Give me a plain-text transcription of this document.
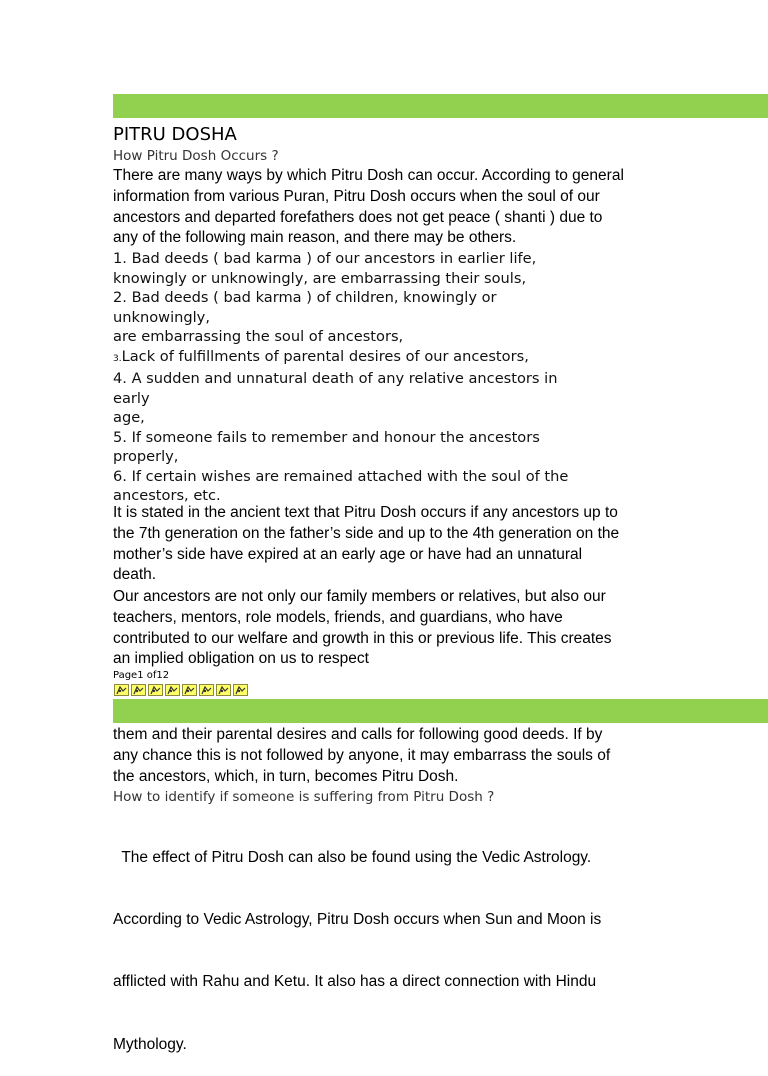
PITRU DOSHA
How Pitru Dosh Occurs ?
There are many ways by which Pitru Dosh can occur. According to general
information from various Puran, Pitru Dosh occurs when the soul of our
ancestors and departed forefathers does not get peace ( shanti ) due to
any of the following main reason, and there may be others.
1. Bad deeds ( bad karma ) of our ancestors in earlier life,
knowingly or unknowingly, are embarrassing their souls,
2. Bad deeds ( bad karma ) of children, knowingly or
unknowingly,
are embarrassing the soul of ancestors,
3.Lack of fulfillments of parental desires of our ancestors,
4. A sudden and unnatural death of any relative ancestors in
early
age,
5. If someone fails to remember and honour the ancestors
properly,
6. If certain wishes are remained attached with the soul of the
ancestors, etc.
It is stated in the ancient text that Pitru Dosh occurs if any ancestors up to
the 7th generation on the father’s side and up to the 4th generation on the
mother’s side have expired at an early age or have had an unnatural
death.
Our ancestors are not only our family members or relatives, but also our
teachers, mentors, role models, friends, and guardians, who have
contributed to our welfare and growth in this or previous life. This creates
an implied obligation on us to respect
Page1 of12
them and their parental desires and calls for following good deeds. If by
any chance this is not followed by anyone, it may embarrass the souls of
the ancestors, which, in turn, becomes Pitru Dosh.
How to identify if someone is suffering from Pitru Dosh ?

The effect of Pitru Dosh can also be found using the Vedic Astrology.

According to Vedic Astrology, Pitru Dosh occurs when Sun and Moon is

afflicted with Rahu and Ketu. It also has a direct connection with Hindu

Mythology.
